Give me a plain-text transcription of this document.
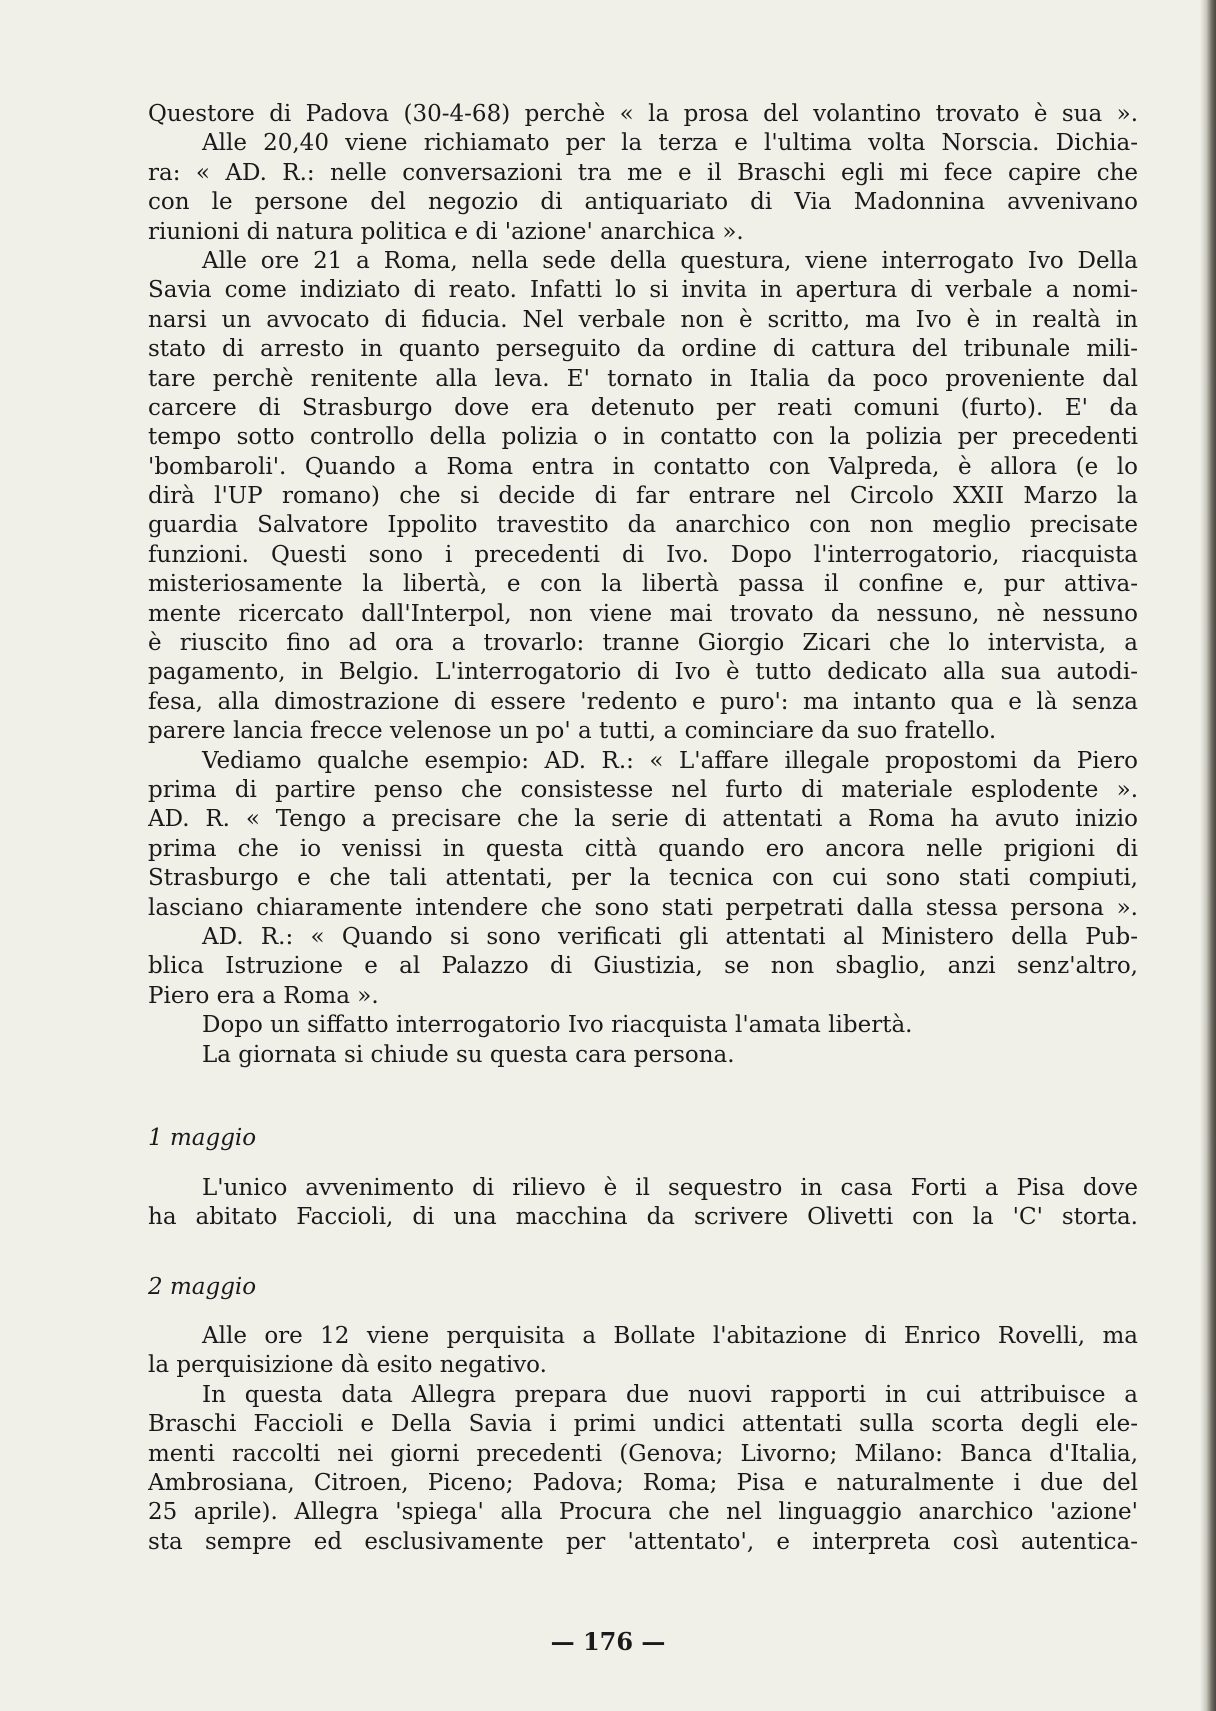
Questore di Padova (30-4-68) perchè « la prosa del volantino trovato è sua ».
Alle 20,40 viene richiamato per la terza e l'ultima volta Norscia. Dichia-
ra: « AD. R.: nelle conversazioni tra me e il Braschi egli mi fece capire che
con le persone del negozio di antiquariato di Via Madonnina avvenivano
riunioni di natura politica e di 'azione' anarchica ».
Alle ore 21 a Roma, nella sede della questura, viene interrogato Ivo Della
Savia come indiziato di reato. Infatti lo si invita in apertura di verbale a nomi-
narsi un avvocato di fiducia. Nel verbale non è scritto, ma Ivo è in realtà in
stato di arresto in quanto perseguito da ordine di cattura del tribunale mili-
tare perchè renitente alla leva. E' tornato in Italia da poco proveniente dal
carcere di Strasburgo dove era detenuto per reati comuni (furto). E' da
tempo sotto controllo della polizia o in contatto con la polizia per precedenti
'bombaroli'. Quando a Roma entra in contatto con Valpreda, è allora (e lo
dirà l'UP romano) che si decide di far entrare nel Circolo XXII Marzo la
guardia Salvatore Ippolito travestito da anarchico con non meglio precisate
funzioni. Questi sono i precedenti di Ivo. Dopo l'interrogatorio, riacquista
misteriosamente la libertà, e con la libertà passa il confine e, pur attiva-
mente ricercato dall'Interpol, non viene mai trovato da nessuno, nè nessuno
è riuscito fino ad ora a trovarlo: tranne Giorgio Zicari che lo intervista, a
pagamento, in Belgio. L'interrogatorio di Ivo è tutto dedicato alla sua autodi-
fesa, alla dimostrazione di essere 'redento e puro': ma intanto qua e là senza
parere lancia frecce velenose un po' a tutti, a cominciare da suo fratello.
Vediamo qualche esempio: AD. R.: « L'affare illegale propostomi da Piero
prima di partire penso che consistesse nel furto di materiale esplodente ».
AD. R. « Tengo a precisare che la serie di attentati a Roma ha avuto inizio
prima che io venissi in questa città quando ero ancora nelle prigioni di
Strasburgo e che tali attentati, per la tecnica con cui sono stati compiuti,
lasciano chiaramente intendere che sono stati perpetrati dalla stessa persona ».
AD. R.: « Quando si sono verificati gli attentati al Ministero della Pub-
blica Istruzione e al Palazzo di Giustizia, se non sbaglio, anzi senz'altro,
Piero era a Roma ».
Dopo un siffatto interrogatorio Ivo riacquista l'amata libertà.
La giornata si chiude su questa cara persona.
1 maggio
L'unico avvenimento di rilievo è il sequestro in casa Forti a Pisa dove
ha abitato Faccioli, di una macchina da scrivere Olivetti con la 'C' storta.
2 maggio
Alle ore 12 viene perquisita a Bollate l'abitazione di Enrico Rovelli, ma
la perquisizione dà esito negativo.
In questa data Allegra prepara due nuovi rapporti in cui attribuisce a
Braschi Faccioli e Della Savia i primi undici attentati sulla scorta degli ele-
menti raccolti nei giorni precedenti (Genova; Livorno; Milano: Banca d'Italia,
Ambrosiana, Citroen, Piceno; Padova; Roma; Pisa e naturalmente i due del
25 aprile). Allegra 'spiega' alla Procura che nel linguaggio anarchico 'azione'
sta sempre ed esclusivamente per 'attentato', e interpreta così autentica-
— 176 —
